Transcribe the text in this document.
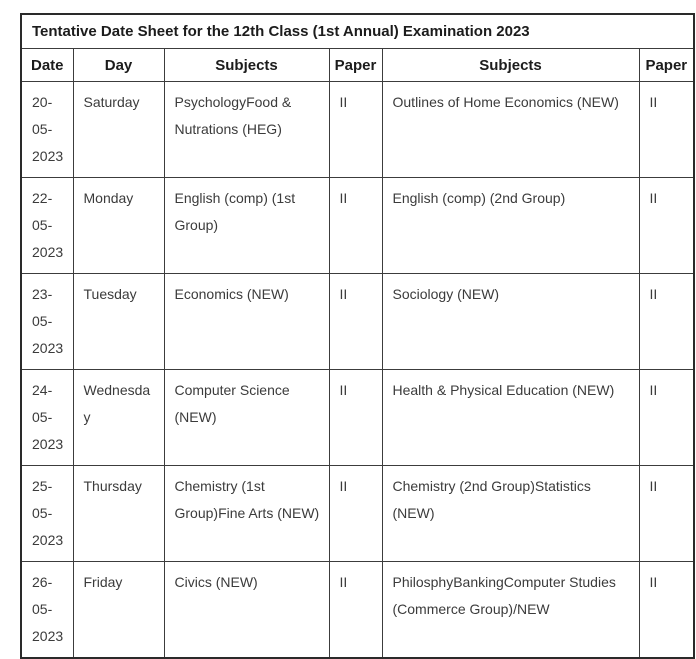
Tentative Date Sheet for the 12th Class (1st Annual) Examination 2023					
Date	Day	Subjects	Paper	Subjects	Paper
20-05-2023	Saturday	PsychologyFood & Nutrations (HEG)	II	Outlines of Home Economics (NEW)	II
22-05-2023	Monday	English (comp) (1st Group)	II	English (comp) (2nd Group)	II
23-05-2023	Tuesday	Economics (NEW)	II	Sociology (NEW)	II
24-05-2023	Wednesday	Computer Science (NEW)	II	Health & Physical Education (NEW)	II
25-05-2023	Thursday	Chemistry (1st Group)Fine Arts (NEW)	II	Chemistry (2nd Group)Statistics (NEW)	II
26-05-2023	Friday	Civics (NEW)	II	PhilosphyBankingComputer Studies (Commerce Group)/NEW	II
